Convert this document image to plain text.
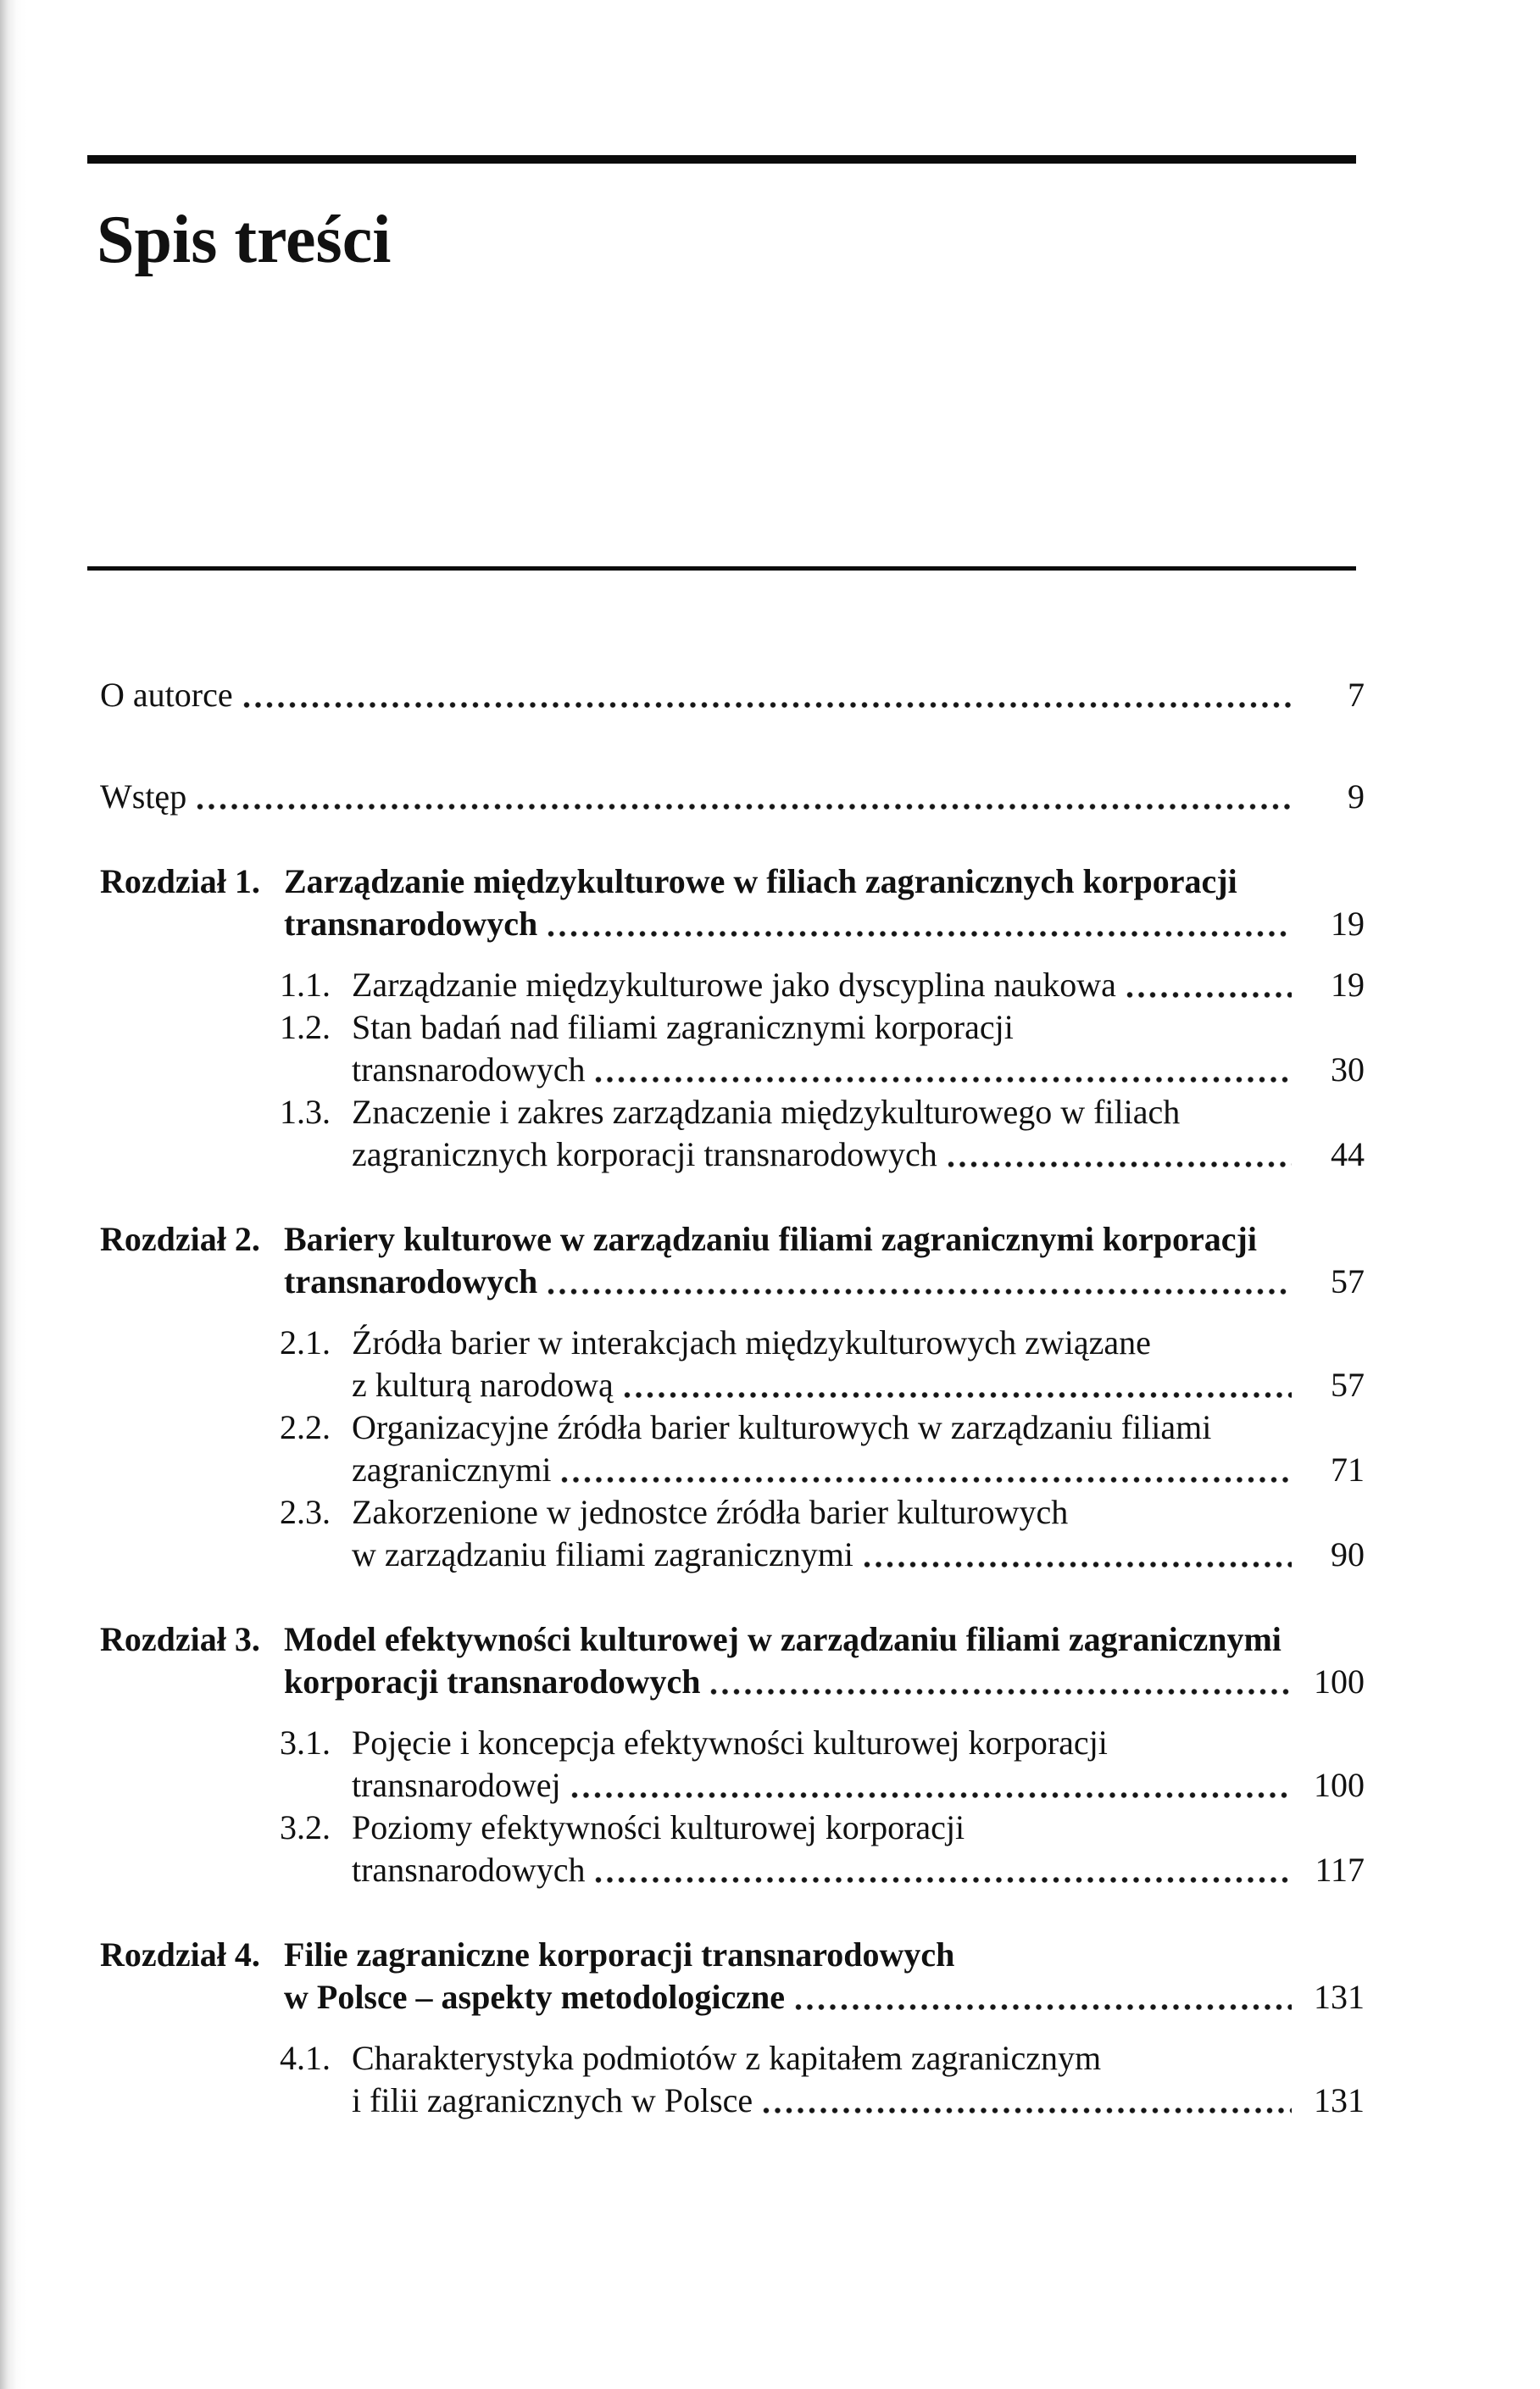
Spis treści
O autorce	7
Wstęp	9
Rozdział 1. Zarządzanie międzykulturowe w filiach zagranicznych korporacji
transnarodowych	19
1.1. Zarządzanie międzykulturowe jako dyscyplina naukowa	19
1.2. Stan badań nad filiami zagranicznymi korporacji
transnarodowych	30
1.3. Znaczenie i zakres zarządzania międzykulturowego w filiach
zagranicznych korporacji transnarodowych	44
Rozdział 2. Bariery kulturowe w zarządzaniu filiami zagranicznymi korporacji
transnarodowych	57
2.1. Źródła barier w interakcjach międzykulturowych związane
z kulturą narodową	57
2.2. Organizacyjne źródła barier kulturowych w zarządzaniu filiami
zagranicznymi	71
2.3. Zakorzenione w jednostce źródła barier kulturowych
w zarządzaniu filiami zagranicznymi	90
Rozdział 3. Model efektywności kulturowej w zarządzaniu filiami zagranicznymi
korporacji transnarodowych	100
3.1. Pojęcie i koncepcja efektywności kulturowej korporacji
transnarodowej	100
3.2. Poziomy efektywności kulturowej korporacji
transnarodowych	117
Rozdział 4. Filie zagraniczne korporacji transnarodowych
w Polsce – aspekty metodologiczne	131
4.1. Charakterystyka podmiotów z kapitałem zagranicznym
i filii zagranicznych w Polsce	131
